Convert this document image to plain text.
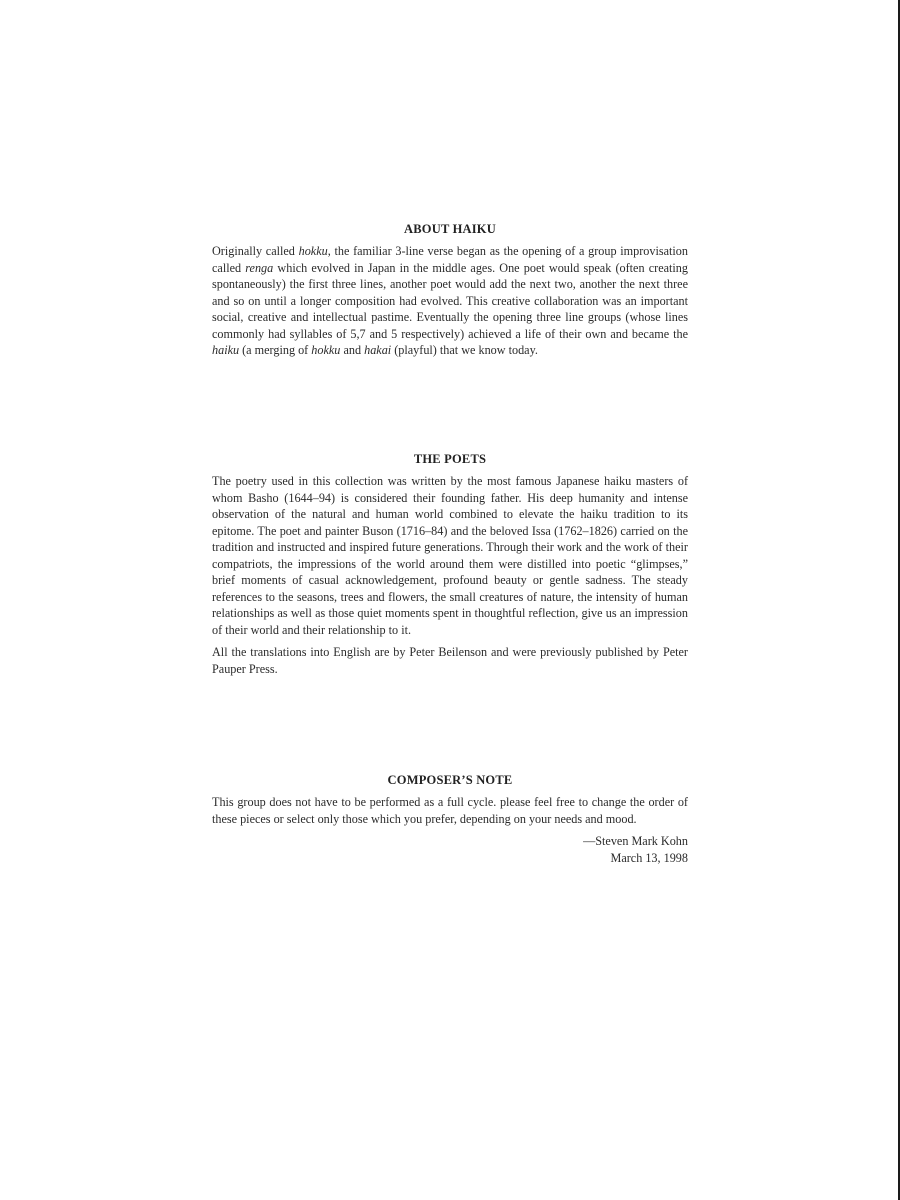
ABOUT HAIKU

Originally called hokku, the familiar 3-line verse began as the opening of a group improvisation called renga which evolved in Japan in the middle ages. One poet would speak (often creating spontaneously) the first three lines, another poet would add the next two, another the next three and so on until a longer composition had evolved. This creative collaboration was an important social, creative and intellectual pastime. Eventually the opening three line groups (whose lines commonly had syllables of 5,7 and 5 respectively) achieved a life of their own and became the haiku (a merging of hokku and hakai (playful) that we know today.

THE POETS

The poetry used in this collection was written by the most famous Japanese haiku masters of whom Basho (1644–94) is considered their founding father. His deep humanity and intense observation of the natural and human world combined to elevate the haiku tradition to its epitome. The poet and painter Buson (1716–84) and the beloved Issa (1762–1826) carried on the tradition and instructed and inspired future generations. Through their work and the work of their compatriots, the impressions of the world around them were distilled into poetic “glimpses,” brief moments of casual acknowledgement, profound beauty or gentle sadness. The steady references to the seasons, trees and flowers, the small creatures of nature, the intensity of human relationships as well as those quiet moments spent in thoughtful reflection, give us an impression of their world and their relationship to it.

All the translations into English are by Peter Beilenson and were previously published by Peter Pauper Press.

COMPOSER’S NOTE

This group does not have to be performed as a full cycle. please feel free to change the order of these pieces or select only those which you prefer, depending on your needs and mood.

—Steven Mark Kohn
March 13, 1998
